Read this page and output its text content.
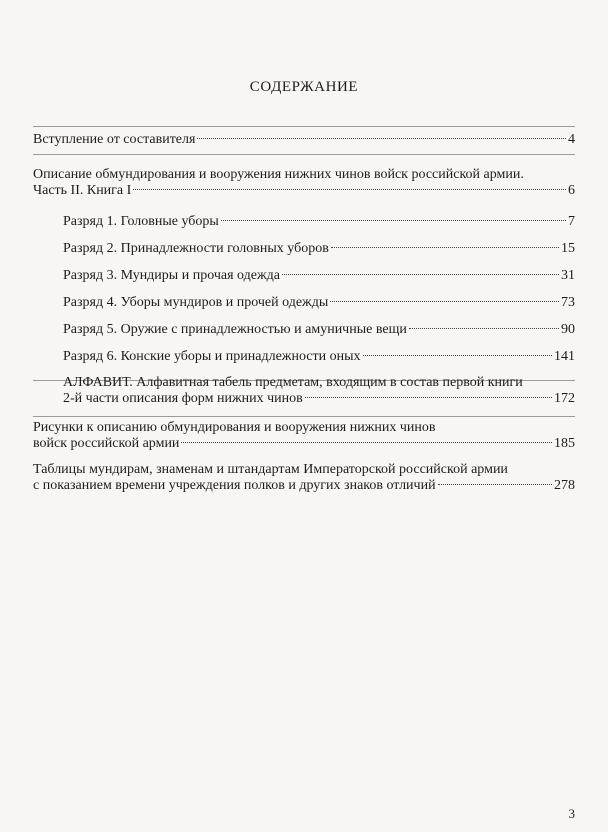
СОДЕРЖАНИЕ
Вступление от составителя	4
Описание обмундирования и вооружения нижних чинов войск российской армии.
Часть II. Книга I	6
Разряд 1. Головные уборы	7
Разряд 2. Принадлежности головных уборов	15
Разряд 3. Мундиры и прочая одежда	31
Разряд 4. Уборы мундиров и прочей одежды	73
Разряд 5. Оружие с принадлежностью и амуничные вещи	90
Разряд 6. Конские уборы и принадлежности оных	141
АЛФАВИТ. Алфавитная табель предметам, входящим в состав первой книги
2-й части описания форм нижних чинов	172
Рисунки к описанию обмундирования и вооружения нижних чинов
войск российской армии	185
Таблицы мундирам, знаменам и штандартам Императорской российской армии
с показанием времени учреждения полков и других знаков отличий	278
3
